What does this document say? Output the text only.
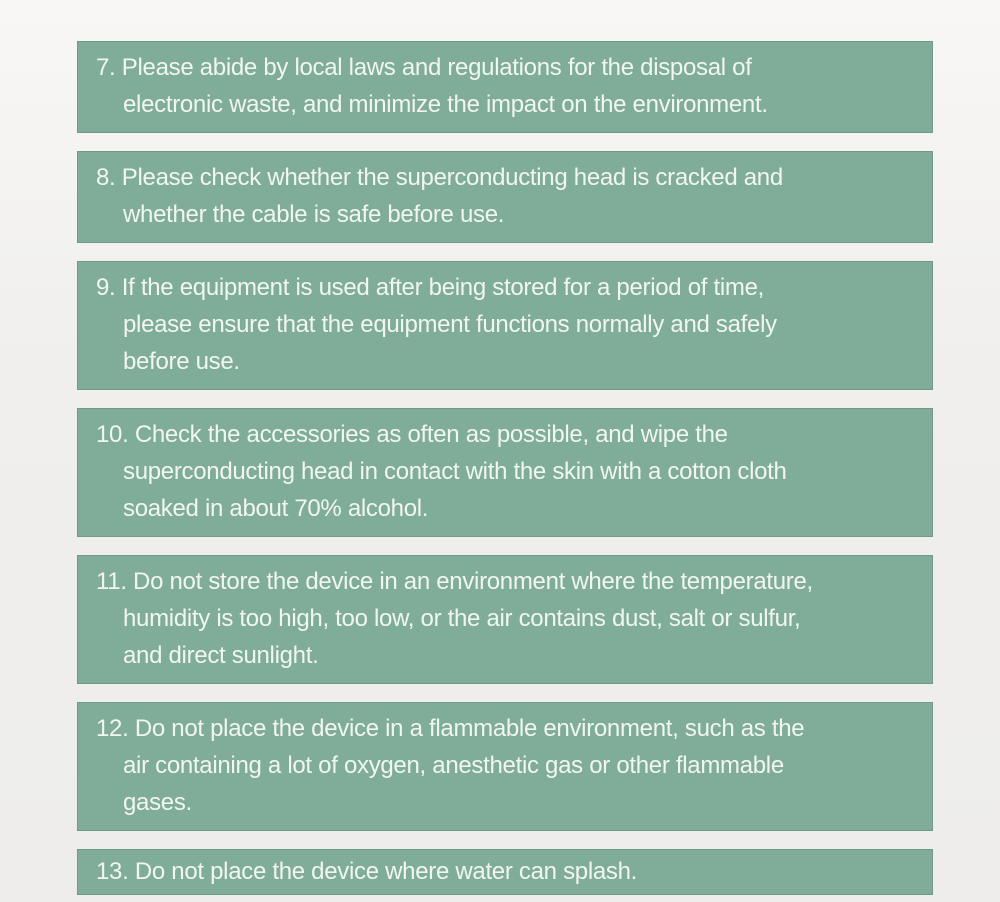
7. Please abide by local laws and regulations for the disposal of
electronic waste, and minimize the impact on the environment.
8. Please check whether the superconducting head is cracked and
whether the cable is safe before use.
9. If the equipment is used after being stored for a period of time,
please ensure that the equipment functions normally and safely
before use.
10. Check the accessories as often as possible, and wipe the
superconducting head in contact with the skin with a cotton cloth
soaked in about 70% alcohol.
11. Do not store the device in an environment where the temperature,
humidity is too high, too low, or the air contains dust, salt or sulfur,
and direct sunlight.
12. Do not place the device in a flammable environment, such as the
air containing a lot of oxygen, anesthetic gas or other flammable
gases.
13. Do not place the device where water can splash.
